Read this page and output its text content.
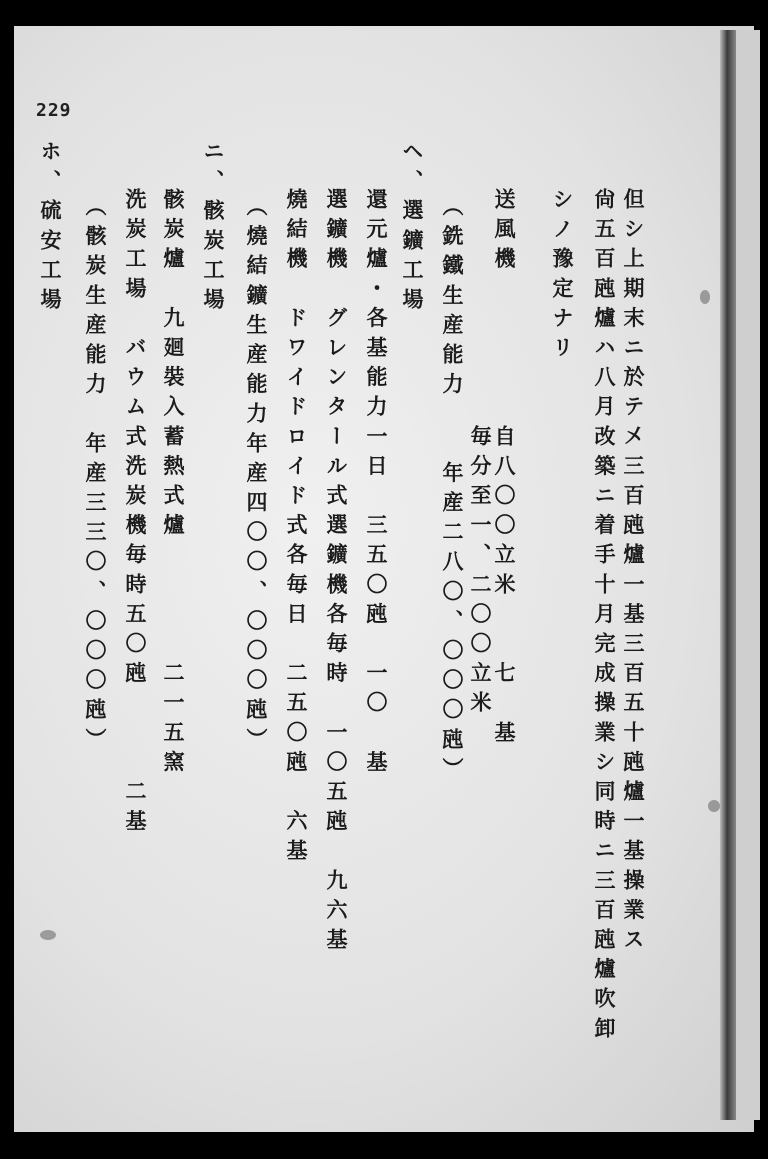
229
但シ上期末ニ於テ㐅三百瓲爐一基三百五十瓲爐一基操業ス
尙五百瓲爐ハ八月改築ニ着手十月完成操業シ同時ニ三百瓲爐吹卸
シノ豫定ナリ
送風機　　　　　自八〇〇立米　　七　基
　　　　　　　　毎分至一、二〇〇立米
（銑鐵生産能力　　年産二八〇、〇〇〇瓲）
ヘ、選鑛工場
還元爐・各基能力一日　三五〇瓲　一〇　基
選鑛機　グレンタール式選鑛機各毎時　一〇五瓲　九六基
燒結機　ドワイドロイド式各毎日　二五〇瓲　六基
（燒結鑛生産能力年産四〇〇、〇〇〇瓲）
ニ、骸炭工場
骸炭爐　九廻裝入蓄熱式爐　　　　二一五窯
洗炭工場　バウム式洗炭機毎時五〇瓲　　　二基
（骸炭生産能力　年産三三〇、〇〇〇瓲）
ホ、硫安工場
